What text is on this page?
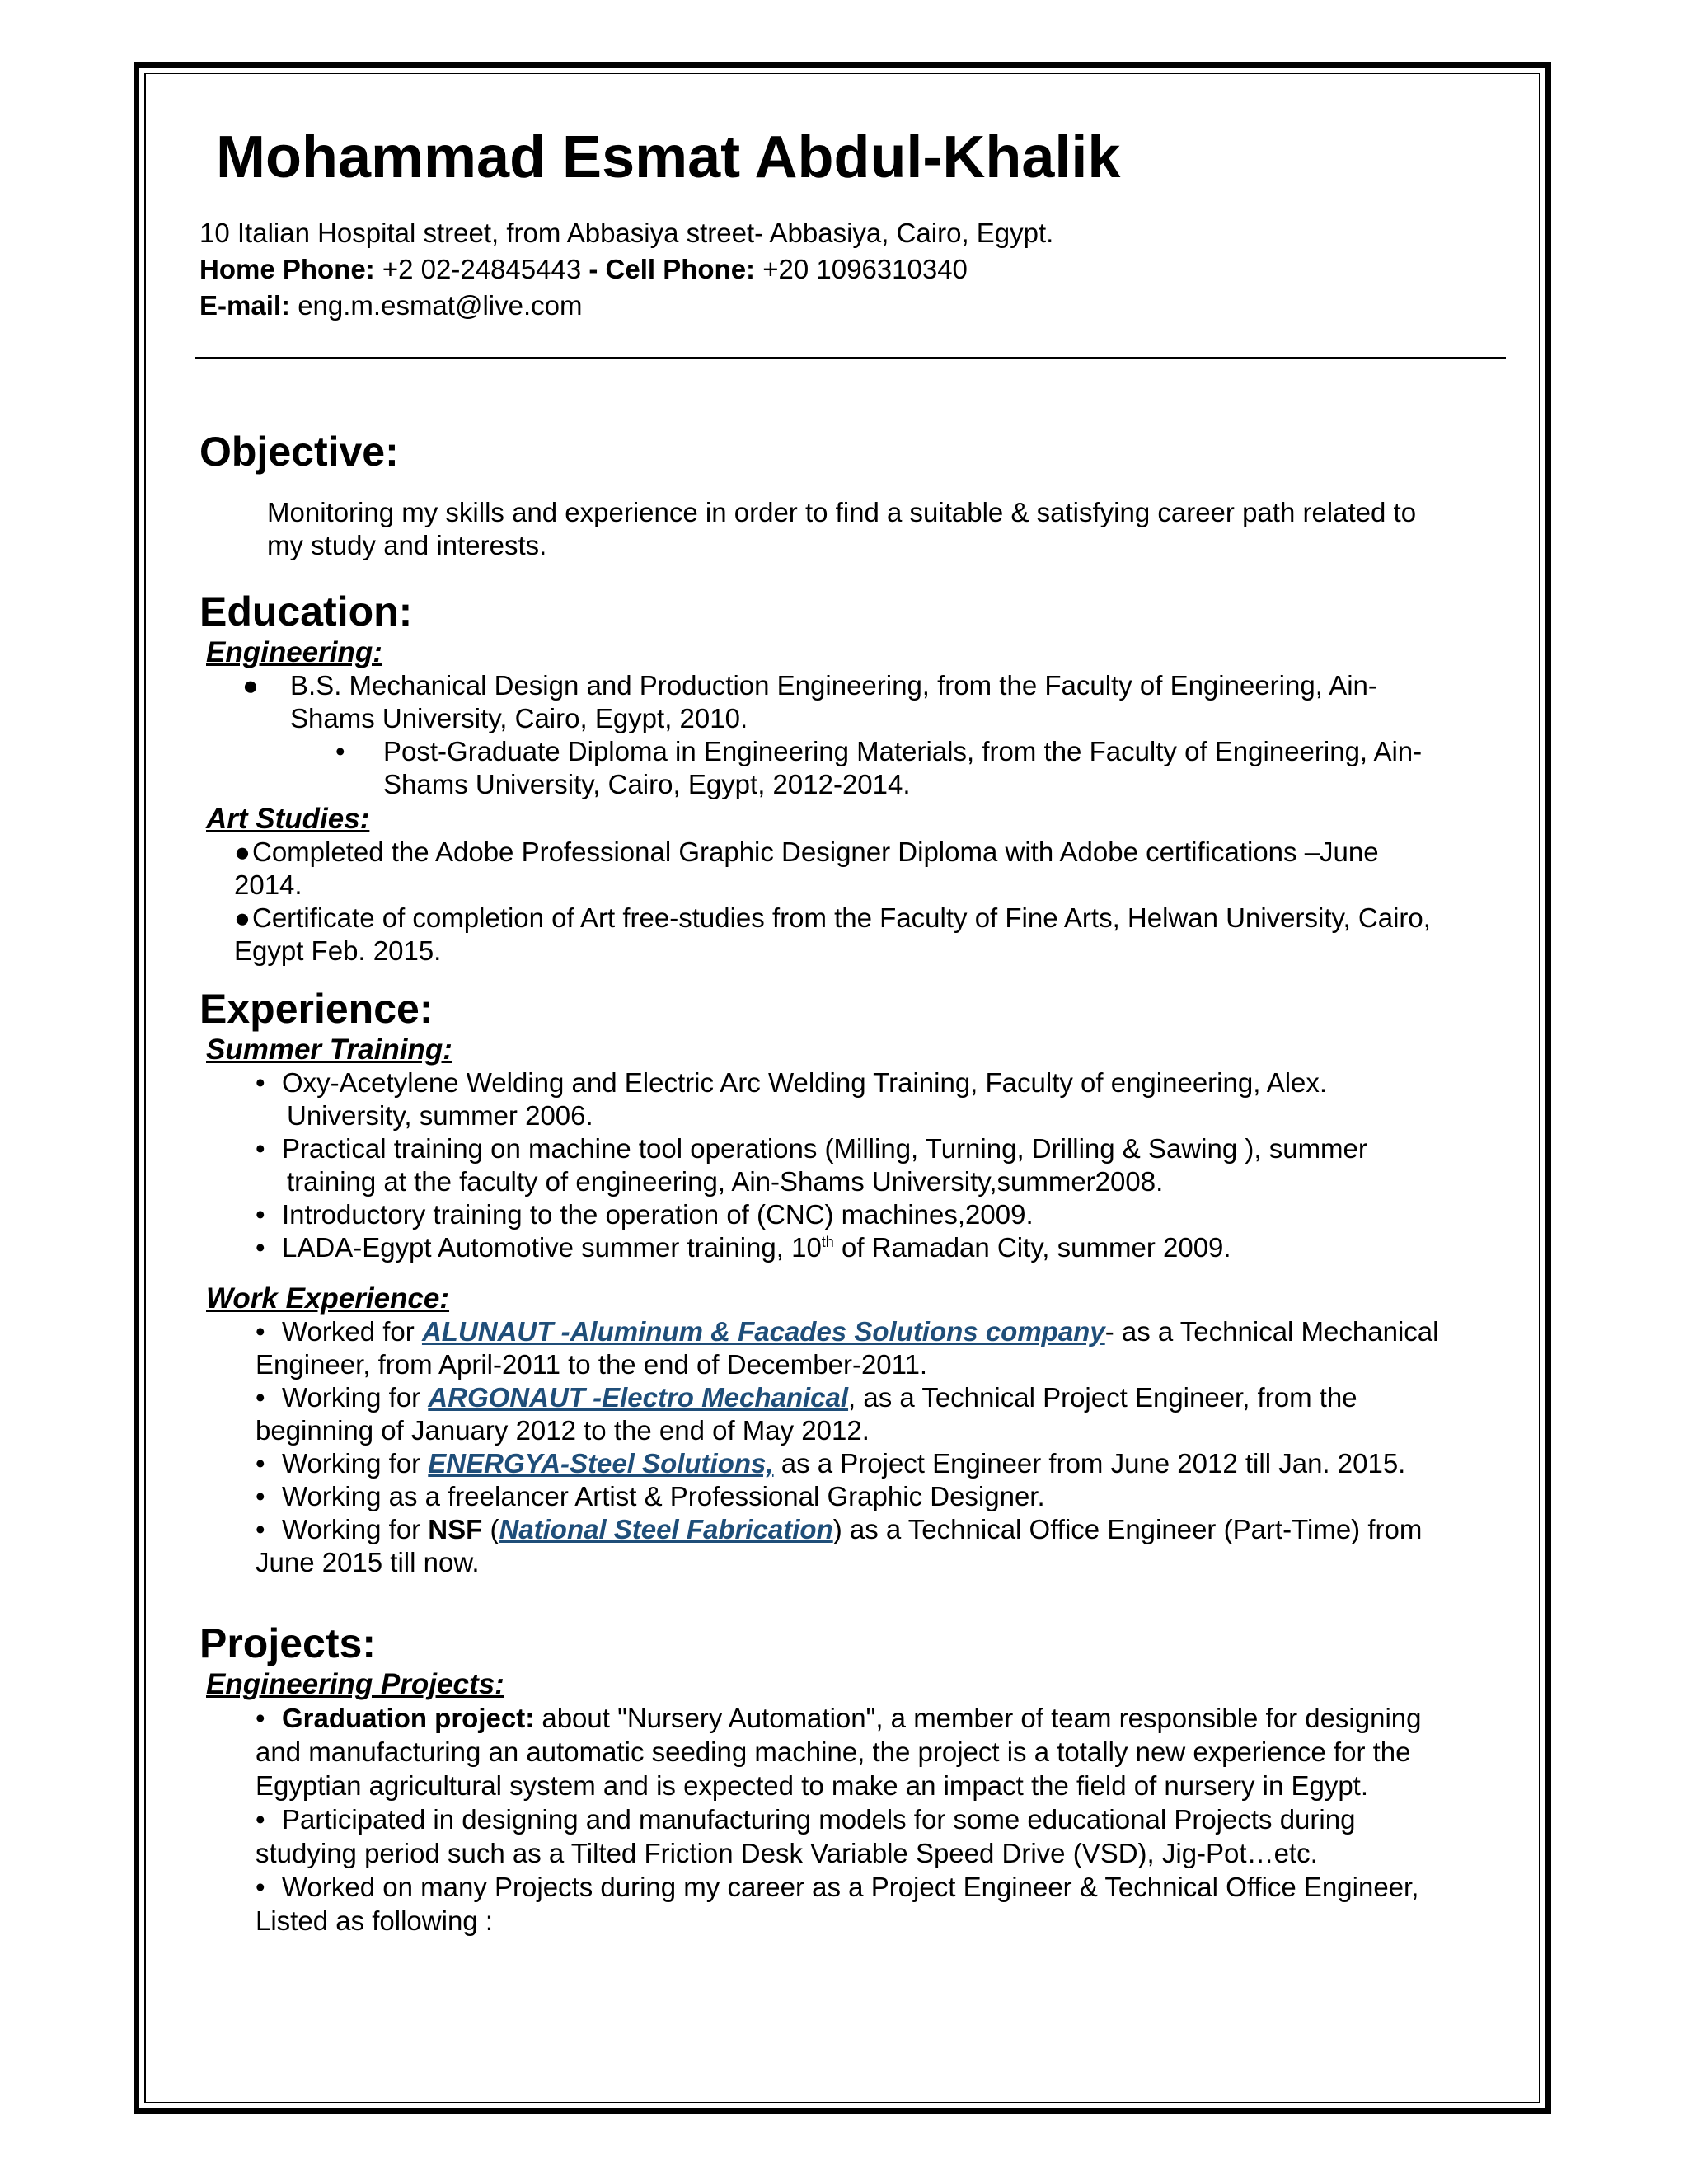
Mohammad Esmat Abdul-Khalik
10 Italian Hospital street, from Abbasiya street- Abbasiya, Cairo, Egypt.
Home Phone: +2 02-24845443 - Cell Phone: +20 1096310340
E-mail: eng.m.esmat@live.com
Objective:
Monitoring my skills and experience in order to find a suitable & satisfying career path related to
my study and interests.
Education:
Engineering:
● B.S. Mechanical Design and Production Engineering, from the Faculty of Engineering, Ain-
Shams University, Cairo, Egypt, 2010.
• Post-Graduate Diploma in Engineering Materials, from the Faculty of Engineering, Ain-
Shams University, Cairo, Egypt, 2012-2014.
Art Studies:
●Completed the Adobe Professional Graphic Designer Diploma with Adobe certifications –June
2014.
●Certificate of completion of Art free-studies from the Faculty of Fine Arts, Helwan University, Cairo,
Egypt Feb. 2015.
Experience:
Summer Training:
• Oxy-Acetylene Welding and Electric Arc Welding Training, Faculty of engineering, Alex.
University, summer 2006.
• Practical training on machine tool operations (Milling, Turning, Drilling & Sawing ), summer
training at the faculty of engineering, Ain-Shams University,summer2008.
• Introductory training to the operation of (CNC) machines,2009.
• LADA-Egypt Automotive summer training, 10th of Ramadan City, summer 2009.
Work Experience:
• Worked for ALUNAUT -Aluminum & Facades Solutions company- as a Technical Mechanical
Engineer, from April-2011 to the end of December-2011.
• Working for ARGONAUT -Electro Mechanical, as a Technical Project Engineer, from the
beginning of January 2012 to the end of May 2012.
• Working for ENERGYA-Steel Solutions, as a Project Engineer from June 2012 till Jan. 2015.
• Working as a freelancer Artist & Professional Graphic Designer.
• Working for NSF (National Steel Fabrication) as a Technical Office Engineer (Part-Time) from
June 2015 till now.
Projects:
Engineering Projects:
• Graduation project: about "Nursery Automation", a member of team responsible for designing
and manufacturing an automatic seeding machine, the project is a totally new experience for the
Egyptian agricultural system and is expected to make an impact the field of nursery in Egypt.
• Participated in designing and manufacturing models for some educational Projects during
studying period such as a Tilted Friction Desk Variable Speed Drive (VSD), Jig-Pot…etc.
• Worked on many Projects during my career as a Project Engineer & Technical Office Engineer,
Listed as following :
